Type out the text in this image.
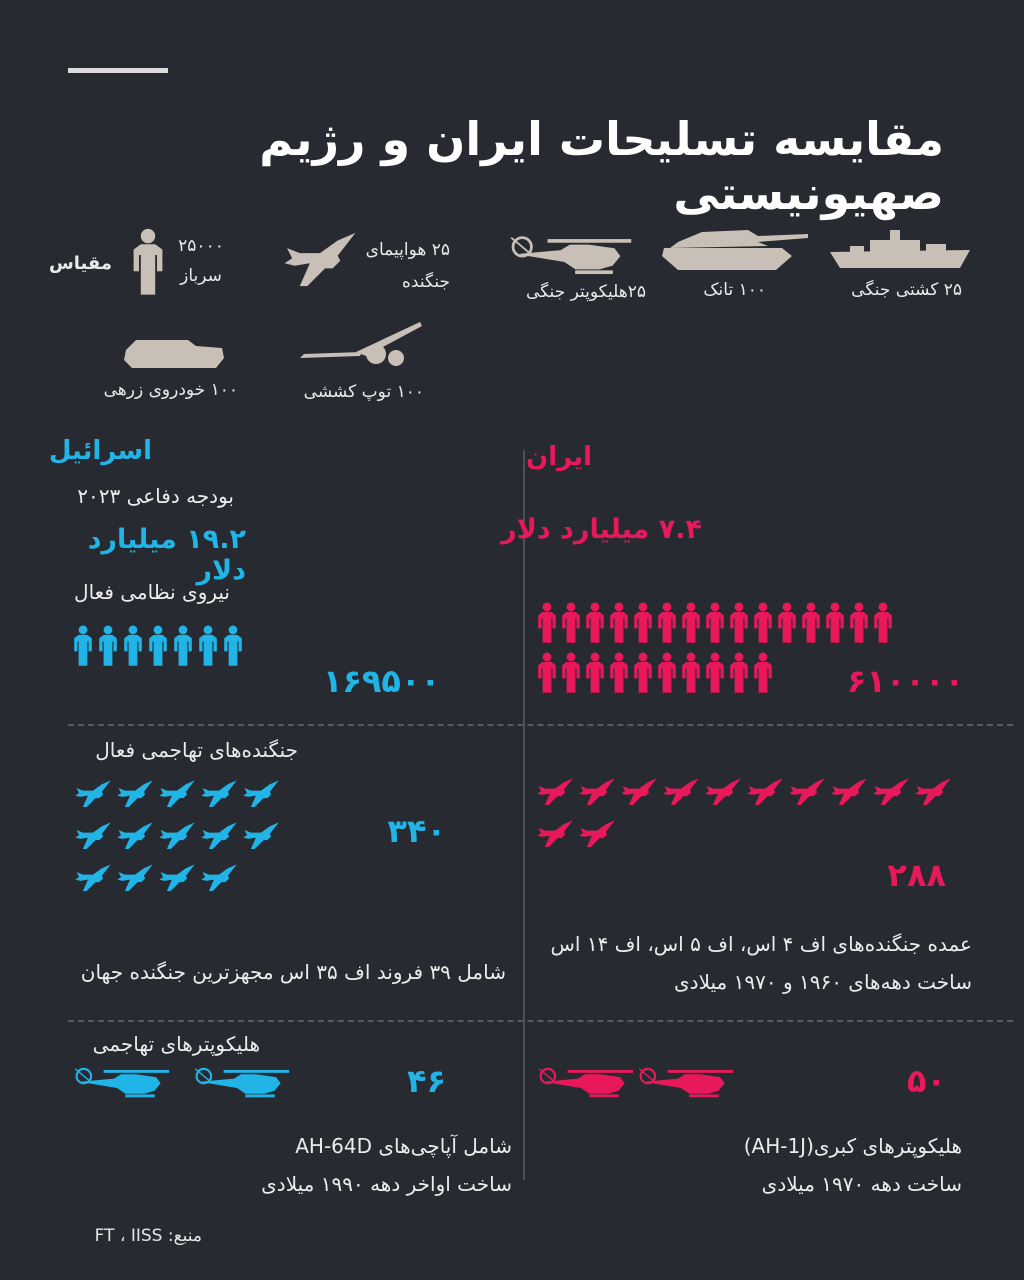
مقایسه تسلیحات ایران و رژیم صهیونیستی
مقیاس
۲۵۰۰۰
سرباز
۲۵ هواپیمای
جنگنده	۲۵هلیکوپتر جنگی	۱۰۰ تانک	۲۵ کشتی جنگی
۱۰۰ خودروی زرهی	۱۰۰ توپ کششی
اسرائیل
بودجه دفاعی ۲۰۲۳
۱۹.۲ میلیارد دلار
نیروی نظامی فعال
۱۶۹۵۰۰
جنگنده‌های تهاجمی فعال
۳۴۰
شامل ۳۹ فروند اف ۳۵ اس مجهزترین جنگنده جهان
هلیکوپترهای تهاجمی
۴۶
شامل آپاچی‌های AH-64D
ساخت اواخر دهه ۱۹۹۰ میلادی
ایران
۷.۴ میلیارد دلار
۶۱۰۰۰۰
۲۸۸
عمده جنگنده‌های اف ۴ اس، اف ۵ اس، اف ۱۴ اس
ساخت دهه‌های ۱۹۶۰ و ۱۹۷۰ میلادی
۵۰
هلیکوپترهای کبری(AH-1J)
ساخت دهه ۱۹۷۰ میلادی
منبع: FT ، IISS
